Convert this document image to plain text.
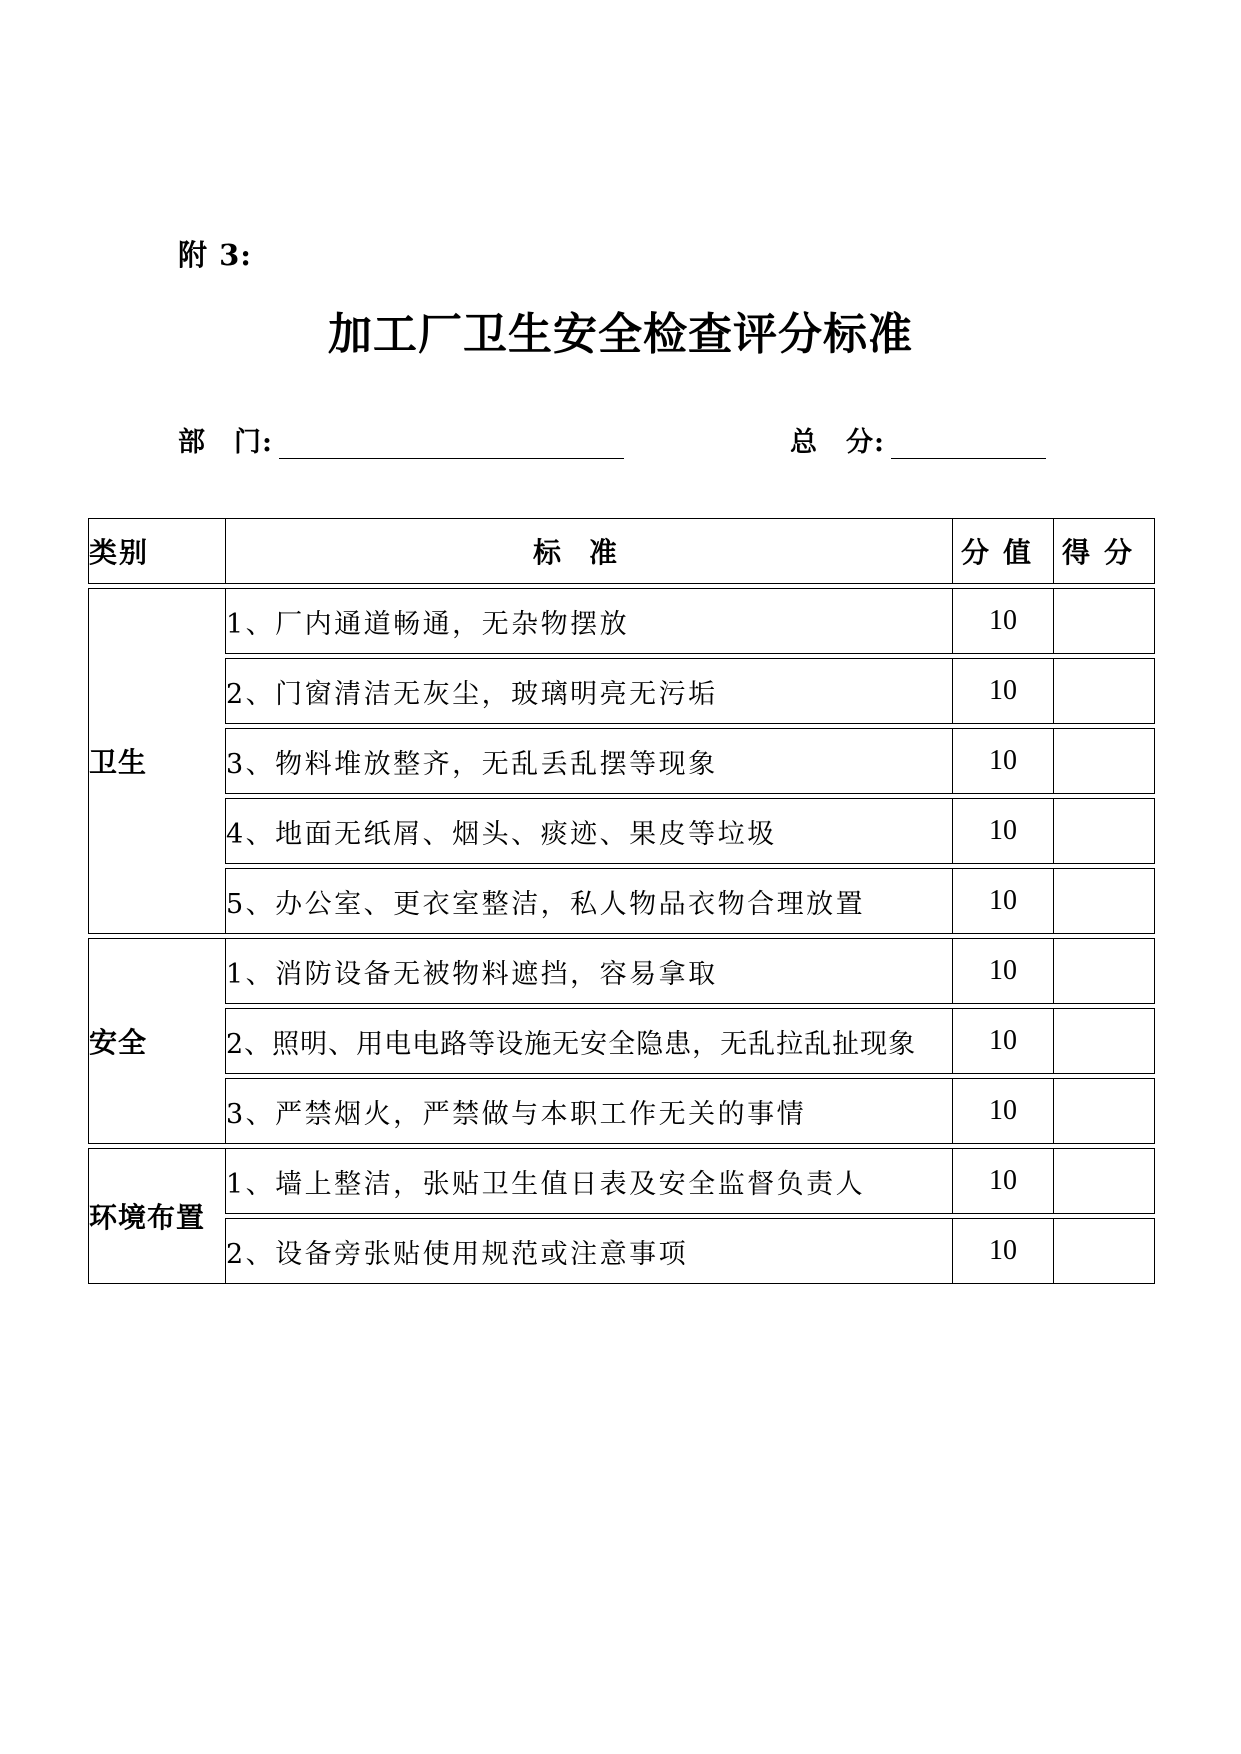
附 3:
加工厂卫生安全检查评分标准
部　门:	总　分:
类别	标准	分值	得分
卫生	1、厂内通道畅通，无杂物摆放	10	
	2、门窗清洁无灰尘，玻璃明亮无污垢	10	
	3、物料堆放整齐，无乱丢乱摆等现象	10	
	4、地面无纸屑、烟头、痰迹、果皮等垃圾	10	
	5、办公室、更衣室整洁，私人物品衣物合理放置	10	
安全	1、消防设备无被物料遮挡，容易拿取	10	
	2、照明、用电电路等设施无安全隐患，无乱拉乱扯现象	10	
	3、严禁烟火，严禁做与本职工作无关的事情	10	
环境布置	1、墙上整洁，张贴卫生值日表及安全监督负责人	10	
	2、设备旁张贴使用规范或注意事项	10	
